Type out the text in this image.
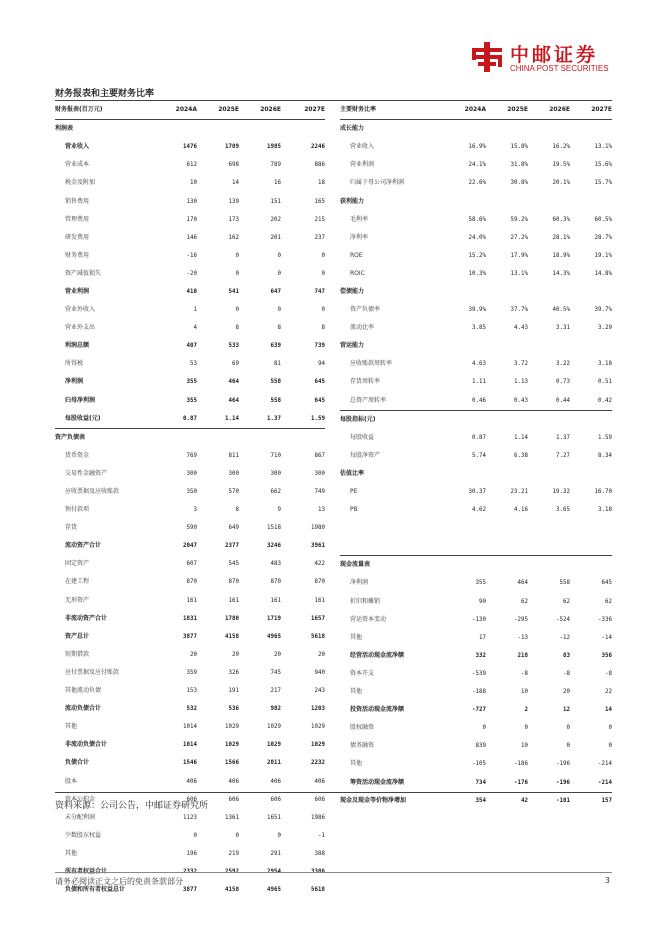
中邮证券
CHINA POST SECURITIES
财务报表和主要财务比率
财务报表(百万元)	2024A	2025E	2026E	2027E
利润表				
营业收入	1476	1709	1985	2246
营业成本	612	698	789	886
税金及附加	10	14	16	18
销售费用	130	139	151	165
管理费用	170	173	202	215
研发费用	146	162	201	237
财务费用	-16	0	0	0
资产减值损失	-20	0	0	0
营业利润	410	541	647	747
营业外收入	1	0	0	0
营业外支出	4	8	8	8
利润总额	407	533	639	739
所得税	53	69	81	94
净利润	355	464	558	645
归母净利润	355	464	558	645
每股收益(元)	0.87	1.14	1.37	1.59
资产负债表				
货币资金	769	811	710	867
交易性金融资产	300	300	300	300
应收票据及应收账款	350	570	662	749
预付款项	3	8	9	13
存货	590	649	1518	1980
流动资产合计	2047	2377	3246	3961
固定资产	607	545	483	422
在建工程	870	870	870	870
无形资产	161	161	161	161
非流动资产合计	1831	1780	1719	1657
资产总计	3877	4158	4965	5618
短期借款	20	20	20	20
应付票据及应付账款	359	326	745	940
其他流动负债	153	191	217	243
流动负债合计	532	536	982	1203
其他	1014	1029	1029	1029
非流动负债合计	1014	1029	1029	1029
负债合计	1546	1566	2011	2232
股本	406	406	406	406
资本公积金	606	606	606	606
未分配利润	1123	1361	1651	1986
少数股东权益	0	0	0	-1
其他	196	219	291	388
所有者权益合计	2332	2592	2954	3386
负债和所有者权益总计	3877	4158	4965	5618
主要财务比率	2024A	2025E	2026E	2027E
成长能力				
营业收入	16.9%	15.8%	16.2%	13.1%
营业利润	24.1%	31.8%	19.5%	15.6%
归属于母公司净利润	22.6%	30.8%	20.1%	15.7%
获利能力				
毛利率	58.6%	59.2%	60.3%	60.5%
净利率	24.0%	27.2%	28.1%	28.7%
ROE	15.2%	17.9%	18.9%	19.1%
ROIC	10.3%	13.1%	14.3%	14.8%
偿债能力				
资产负债率	39.9%	37.7%	40.5%	39.7%
流动比率	3.85	4.43	3.31	3.29
营运能力				
应收账款周转率	4.63	3.72	3.22	3.18
存货周转率	1.11	1.13	0.73	0.51
总资产周转率	0.46	0.43	0.44	0.42
每股指标(元)				
每股收益	0.87	1.14	1.37	1.59
每股净资产	5.74	6.38	7.27	8.34
估值比率				
PE	30.37	23.21	19.32	16.70
PB	4.62	4.16	3.65	3.18

现金流量表				
净利润	355	464	558	645
折旧和摊销	90	62	62	62
营运资本变动	-130	-295	-524	-336
其他	17	-13	-12	-14
经营活动现金流净额	332	218	83	356
资本开支	-539	-8	-8	-8
其他	-188	10	20	22
投资活动现金流净额	-727	2	12	14
股权融资	0	0	0	0
债务融资	839	10	0	0
其他	-105	-186	-196	-214
筹资活动现金流净额	734	-176	-196	-214
现金及现金等价物净增加	354	42	-101	157
资料来源：公司公告，中邮证券研究所
请务必阅读正文之后的免责条款部分	3
